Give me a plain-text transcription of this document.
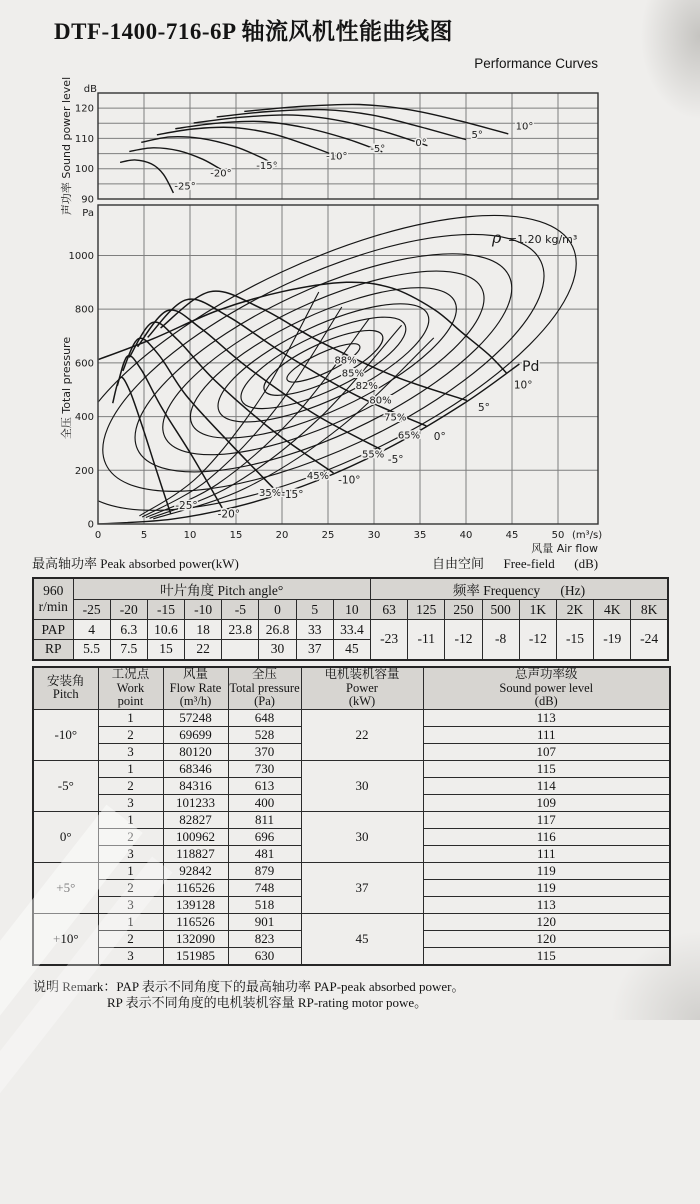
DTF-1400-716-6P 轴流风机性能曲线图
Performance Curves
-25°
-20°
-15°
-10°
-5°
0°
5°
10°
90
100
110
120
dB
声功率 Sound power level
88%
85%
82%
80%
75%
65%
55%
45%
35%
-25°
-20°
-15°
-10°
-5°
0°
5°
10°
Pd
ρ =1.20 kg/m³
0
200
400
600
800
1000
Pa
全压 Total pressure
0	5	10	15	20	25	30	35	40	45	50 (m³/s)
风量 Air flow
最高轴功率 Peak absorbed power(kW)	自由空间      Free-field      (dB)
960
r/min	叶片角度 Pitch angle°								频率 Frequency      (Hz)							
	-25	-20	-15	-10	-5	0	5	10	63	125	250	500	1K	2K	4K	8K
PAP	4	6.3	10.6	18	23.8	26.8	33	33.4	-23	-11	-12	-8	-12	-15	-19	-24
RP	5.5	7.5	15	22		30	37	45								
安装角
Pitch	工况点
Work
point	风量
Flow Rate
(m³/h)	全压
Total pressure
(Pa)	电机装机容量
Power
(kW)	总声功率级
Sound power level
(dB)
-10°	1	57248	648	22	113
	2	69699	528		111
	3	80120	370		107
-5°	1	68346	730	30	115
	2	84316	613		114
	3	101233	400		109
0°	1	82827	811	30	117
	2	100962	696		116
	3	118827	481		111
+5°	1	92842	879	37	119
	2	116526	748		119
	3	139128	518		113
+10°	1	116526	901	45	120
	2	132090	823		120
	3	151985	630		115
说明 Remark：PAP 表示不同角度下的最高轴功率 PAP-peak absorbed power。
RP 表示不同角度的电机装机容量 RP-rating motor powe。
